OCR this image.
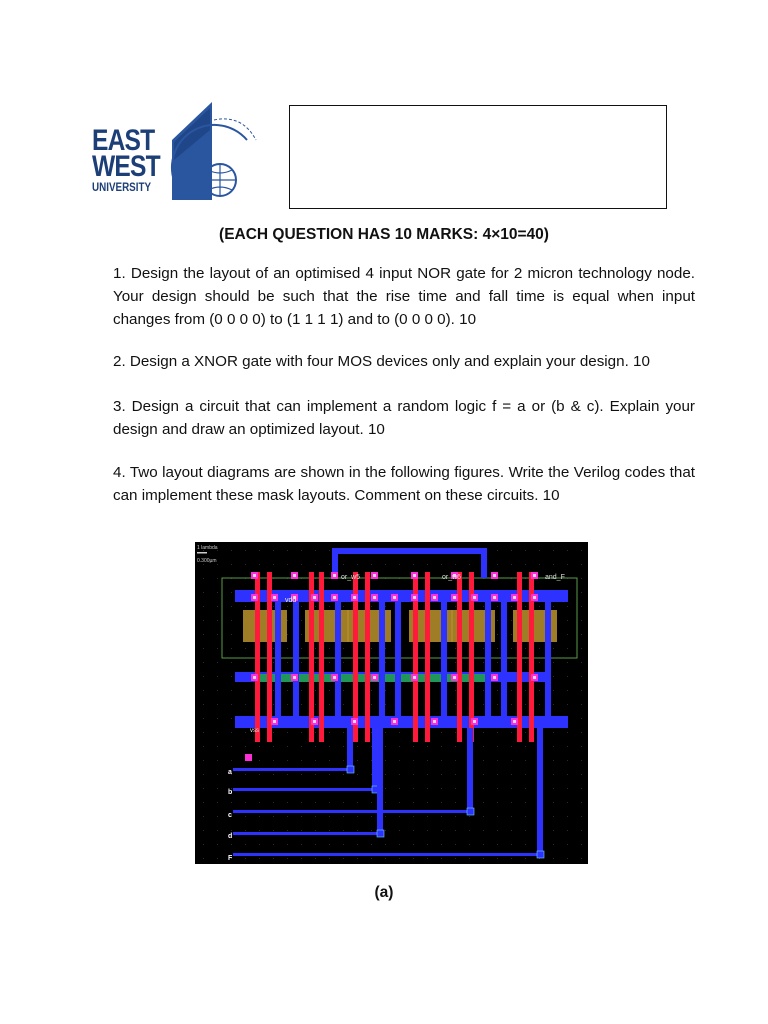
EAST
WEST
UNIVERSITY
(EACH QUESTION HAS 10 MARKS: 4×10=40)
1. Design the layout of an optimised 4 input NOR gate for 2 micron technology node. Your design should be such that the rise time and fall time is equal when input changes from (0 0 0 0) to (1 1 1 1) and to (0 0 0 0). 10
2. Design a XNOR gate with four MOS devices only and explain your design. 10
3. Design a circuit that can implement a random logic f = a or (b & c). Explain your design and draw an optimized layout. 10
4. Two layout diagrams are shown in the following figures. Write the Verilog codes that can implement these mask layouts. Comment on these circuits. 10
1 lambda
0.300µm
or_w5	or_w6	and_F
vdd
vss
a
b
c
d
F
(a)
